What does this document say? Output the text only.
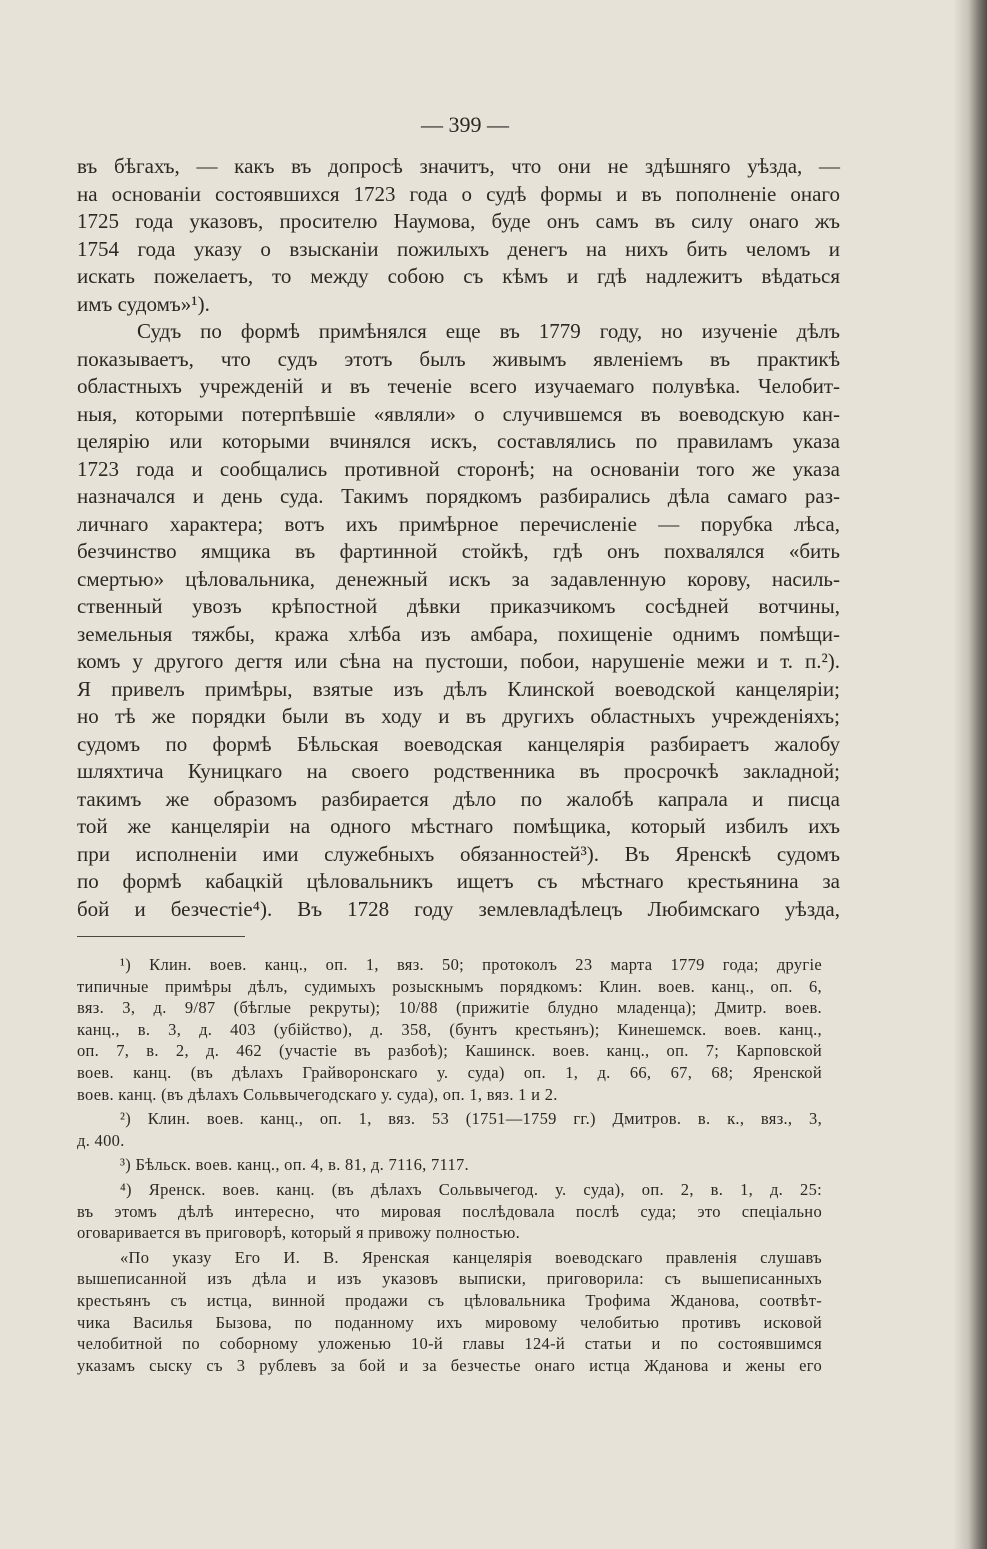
— 399 —
въ бѣгахъ, — какъ въ допросѣ значитъ, что они не здѣшняго уѣзда, —
на основаніи состоявшихся 1723 года о судѣ формы и въ пополненіе онаго
1725 года указовъ, просителю Наумова, буде онъ самъ въ силу онаго жъ
1754 года указу о взысканіи пожилыхъ денегъ на нихъ бить челомъ и
искать пожелаетъ, то между собою съ кѣмъ и гдѣ надлежитъ вѣдаться
имъ судомъ»¹).
Судъ по формѣ примѣнялся еще въ 1779 году, но изученіе дѣлъ
показываетъ, что судъ этотъ былъ живымъ явленіемъ въ практикѣ
областныхъ учрежденій и въ теченіе всего изучаемаго полувѣка. Челобит-
ныя, которыми потерпѣвшіе «являли» о случившемся въ воеводскую кан-
целярію или которыми вчинялся искъ, составлялись по правиламъ указа
1723 года и сообщались противной сторонѣ; на основаніи того же указа
назначался и день суда. Такимъ порядкомъ разбирались дѣла самаго раз-
личнаго характера; вотъ ихъ примѣрное перечисленіе — порубка лѣса,
безчинство ямщика въ фартинной стойкѣ, гдѣ онъ похвалялся «бить
смертью» цѣловальника, денежный искъ за задавленную корову, насиль-
ственный увозъ крѣпостной дѣвки приказчикомъ сосѣдней вотчины,
земельныя тяжбы, кража хлѣба изъ амбара, похищеніе однимъ помѣщи-
комъ у другого дегтя или сѣна на пустоши, побои, нарушеніе межи и т. п.²).
Я привелъ примѣры, взятые изъ дѣлъ Клинской воеводской канцеляріи;
но тѣ же порядки были въ ходу и въ другихъ областныхъ учрежденіяхъ;
судомъ по формѣ Бѣльская воеводская канцелярія разбираетъ жалобу
шляхтича Куницкаго на своего родственника въ просрочкѣ закладной;
такимъ же образомъ разбирается дѣло по жалобѣ капрала и писца
той же канцеляріи на одного мѣстнаго помѣщика, который избилъ ихъ
при исполненіи ими служебныхъ обязанностей³). Въ Яренскѣ судомъ
по формѣ кабацкій цѣловальникъ ищетъ съ мѣстнаго крестьянина за
бой и безчестіе⁴). Въ 1728 году землевладѣлецъ Любимскаго уѣзда,
¹) Клин. воев. канц., оп. 1, вяз. 50; протоколъ 23 марта 1779 года; другіе
типичные примѣры дѣлъ, судимыхъ розыскнымъ порядкомъ: Клин. воев. канц., оп. 6,
вяз. 3, д. 9/87 (бѣглые рекруты); 10/88 (прижитіе блудно младенца); Дмитр. воев.
канц., в. 3, д. 403 (убійство), д. 358, (бунтъ крестьянъ); Кинешемск. воев. канц.,
оп. 7, в. 2, д. 462 (участіе въ разбоѣ); Кашинск. воев. канц., оп. 7; Карповской
воев. канц. (въ дѣлахъ Грайворонскаго у. суда) оп. 1, д. 66, 67, 68; Яренской
воев. канц. (въ дѣлахъ Сольвычегодскаго у. суда), оп. 1, вяз. 1 и 2.
²) Клин. воев. канц., оп. 1, вяз. 53 (1751—1759 гг.) Дмитров. в. к., вяз., 3,
д. 400.
³) Бѣльск. воев. канц., оп. 4, в. 81, д. 7116, 7117.
⁴) Яренск. воев. канц. (въ дѣлахъ Сольвычегод. у. суда), оп. 2, в. 1, д. 25:
въ этомъ дѣлѣ интересно, что мировая послѣдовала послѣ суда; это спеціально
оговаривается въ приговорѣ, который я привожу полностью.
«По указу Его И. В. Яренская канцелярія воеводскаго правленія слушавъ
вышеписанной изъ дѣла и изъ указовъ выписки, приговорила: съ вышеписанныхъ
крестьянъ съ истца, винной продажи съ цѣловальника Трофима Жданова, соотвѣт-
чика Василья Бызова, по поданному ихъ мировому челобитью противъ исковой
челобитной по соборному уложенью 10-й главы 124-й статьи и по состоявшимся
указамъ сыску съ 3 рублевъ за бой и за безчестье онаго истца Жданова и жены его
